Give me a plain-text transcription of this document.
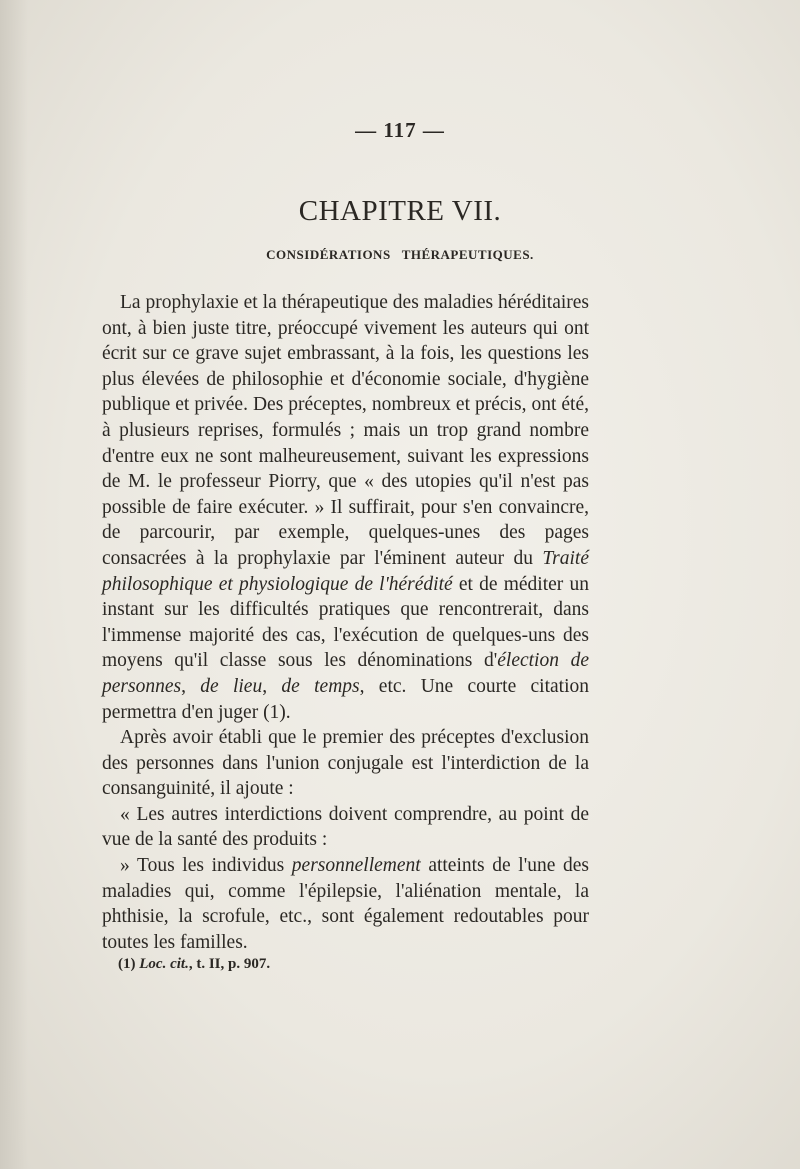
— 117 —
CHAPITRE VII.
CONSIDÉRATIONS   THÉRAPEUTIQUES.

La prophylaxie et la thérapeutique des maladies héréditaires ont, à bien juste titre, préoccupé vivement les auteurs qui ont écrit sur ce grave sujet embrassant, à la fois, les questions les plus élevées de philosophie et d'économie sociale, d'hygiène publique et privée. Des préceptes, nombreux et précis, ont été, à plusieurs reprises, formulés ; mais un trop grand nombre d'entre eux ne sont malheureusement, suivant les expressions de M. le professeur Piorry, que « des utopies qu'il n'est pas possible de faire exécuter. » Il suffirait, pour s'en convaincre, de parcourir, par exemple, quelques-unes des pages consacrées à la prophylaxie par l'éminent auteur du Traité philosophique et physiologique de l'hérédité et de méditer un instant sur les difficultés pratiques que rencontrerait, dans l'immense majorité des cas, l'exécution de quelques-uns des moyens qu'il classe sous les dénominations d'élection de personnes, de lieu, de temps, etc. Une courte citation permettra d'en juger (1).

Après avoir établi que le premier des préceptes d'exclusion des personnes dans l'union conjugale est l'interdiction de la consanguinité, il ajoute :

« Les autres interdictions doivent comprendre, au point de vue de la santé des produits :

» Tous les individus personnellement atteints de l'une des maladies qui, comme l'épilepsie, l'aliénation mentale, la phthisie, la scrofule, etc., sont également redoutables pour toutes les familles.

(1) Loc. cit., t. II, p. 907.
